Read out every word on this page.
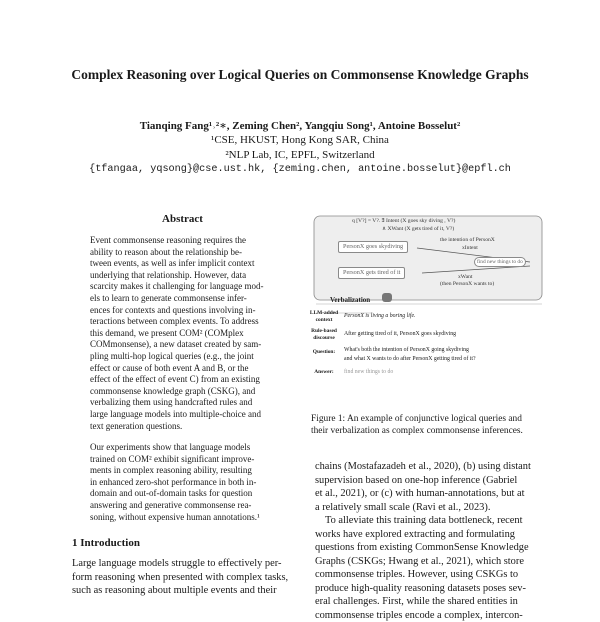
Complex Reasoning over Logical Queries on Commonsense Knowledge Graphs
Tianqing Fang¹˒²∗, Zeming Chen², Yangqiu Song¹, Antoine Bosselut²
¹CSE, HKUST, Hong Kong SAR, China
²NLP Lab, IC, EPFL, Switzerland
{tfangaa, yqsong}@cse.ust.hk, {zeming.chen, antoine.bosselut}@epfl.ch
Abstract
Event commonsense reasoning requires the
ability to reason about the relationship be-
tween events, as well as infer implicit context
underlying that relationship. However, data
scarcity makes it challenging for language mod-
els to learn to generate commonsense infer-
ences for contexts and questions involving in-
teractions between complex events. To address
this demand, we present COM² (COMplex
COMmonsense), a new dataset created by sam-
pling multi-hop logical queries (e.g., the joint
effect or cause of both event A and B, or the
effect of the effect of event C) from an existing
commonsense knowledge graph (CSKG), and
verbalizing them using handcrafted rules and
large language models into multiple-choice and
text generation questions.
Our experiments show that language models
trained on COM² exhibit significant improve-
ments in complex reasoning ability, resulting
in enhanced zero-shot performance in both in-
domain and out-of-domain tasks for question
answering and generative commonsense rea-
soning, without expensive human annotations.¹
1 Introduction
Large language models struggle to effectively per-
form reasoning when presented with complex tasks,
such as reasoning about multiple events and their
q [V?] = V?. ∃ Intent (X goes sky diving , V?)
∧ XWant (X gets tired of it, V?)
PersonX goes skydiving
PersonX gets tired of it
the intention of PersonX
xIntent
find new things to do
xWant
(then PersonX wants to)
Verbalization
LLM-added context
PersonX is living a boring life.
Rule-based discourse
After getting tired of it, PersonX goes skydiving
Question:	What's both the intention of PersonX going skydiving
and what X wants to do after PersonX getting tired of it?
Answer:	find new things to do
Figure 1: An example of conjunctive logical queries and
their verbalization as complex commonsense inferences.
chains (Mostafazadeh et al., 2020), (b) using distant
supervision based on one-hop inference (Gabriel
et al., 2021), or (c) with human-annotations, but at
a relatively small scale (Ravi et al., 2023).
To alleviate this training data bottleneck, recent
works have explored extracting and formulating
questions from existing CommonSense Knowledge
Graphs (CSKGs; Hwang et al., 2021), which store
commonsense triples. However, using CSKGs to
produce high-quality reasoning datasets poses sev-
eral challenges. First, while the shared entities in
commonsense triples encode a complex, intercon-
